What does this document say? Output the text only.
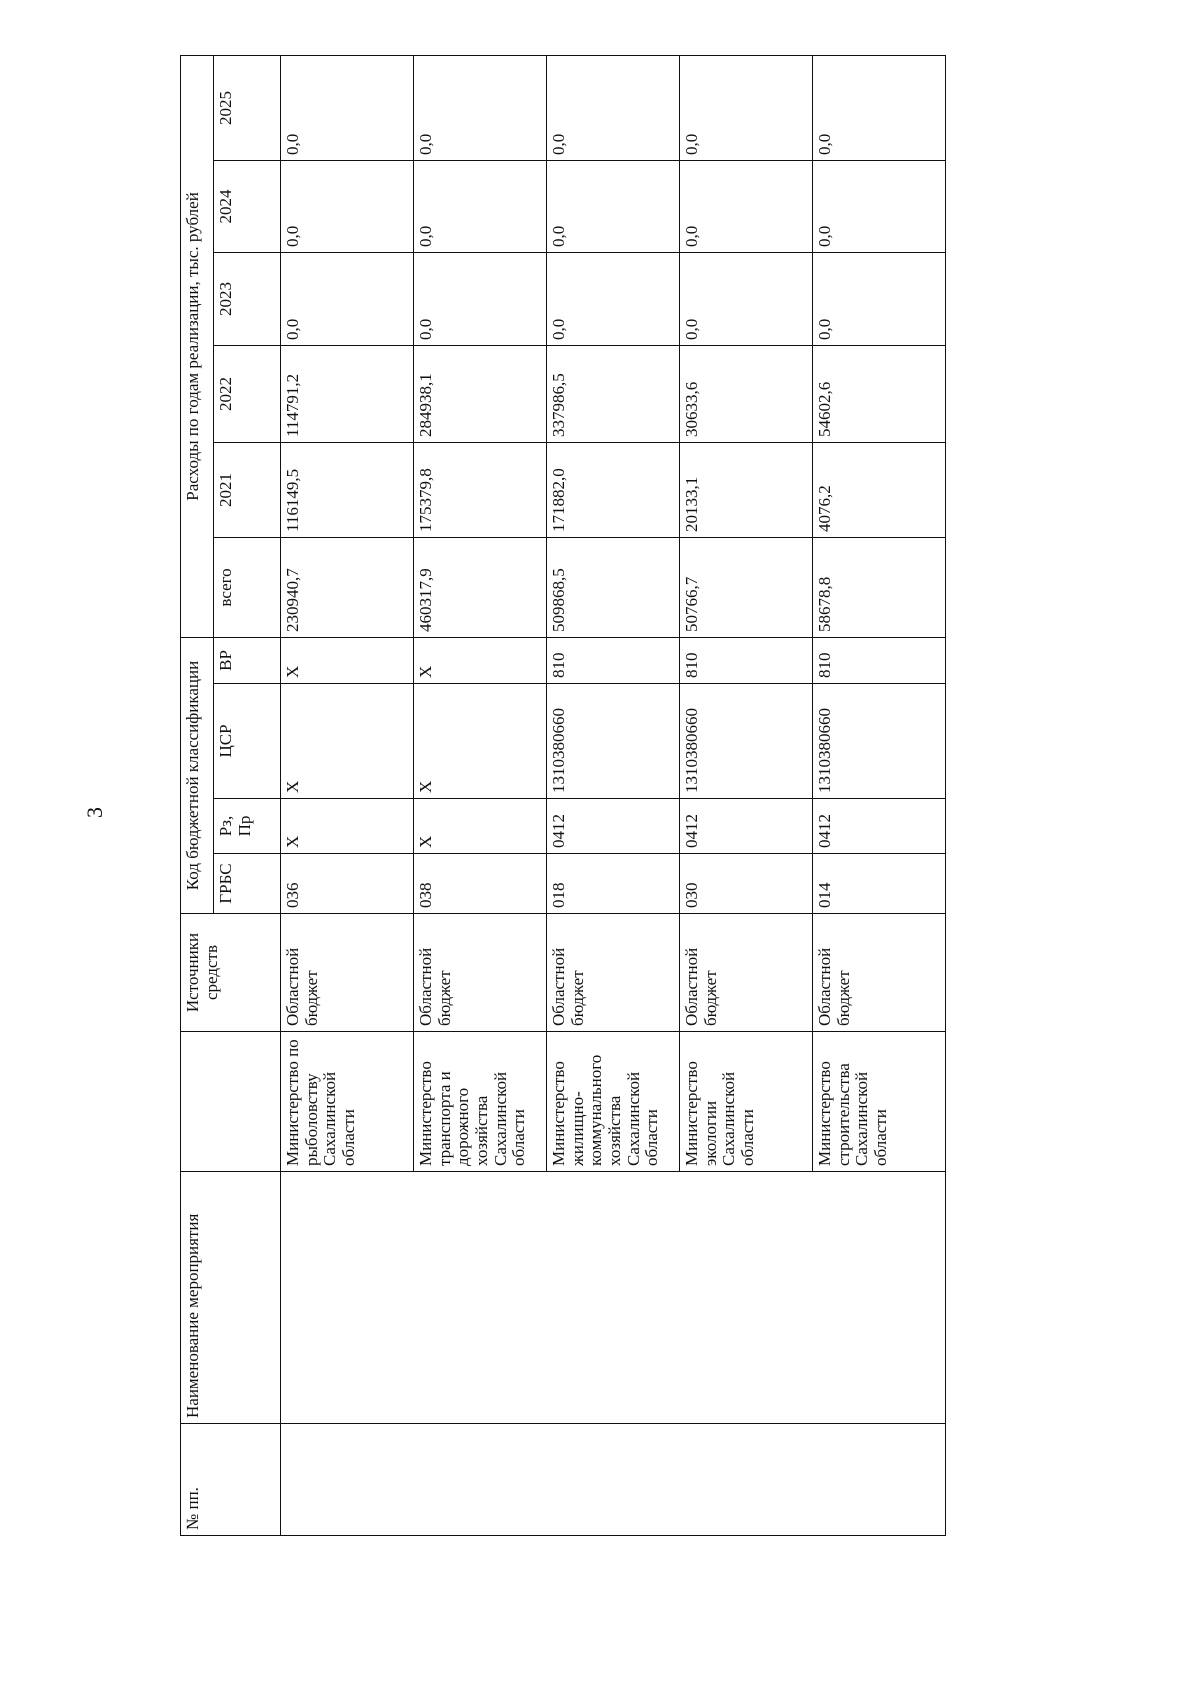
3
№ пп.	Наименование мероприятия		Источники средств	Код бюджетной классификации				Расходы по годам реализации, тыс. рублей					
				ГРБС	Рз, Пр	ЦСР	ВР	всего	2021	2022	2023	2024	2025
		Министерство по рыболовству Сахалинской области	Областной бюджет	036	Х	Х	Х	230940,7	116149,5	114791,2	0,0	0,0	0,0
		Министерство транспорта и дорожного хозяйства Сахалинской области	Областной бюджет	038	Х	Х	Х	460317,9	175379,8	284938,1	0,0	0,0	0,0
		Министерство жилищно-коммунального хозяйства Сахалинской области	Областной бюджет	018	0412	1310380660	810	509868,5	171882,0	337986,5	0,0	0,0	0,0
		Министерство экологии Сахалинской области	Областной бюджет	030	0412	1310380660	810	50766,7	20133,1	30633,6	0,0	0,0	0,0
		Министерство строительства Сахалинской области	Областной бюджет	014	0412	1310380660	810	58678,8	4076,2	54602,6	0,0	0,0	0,0
